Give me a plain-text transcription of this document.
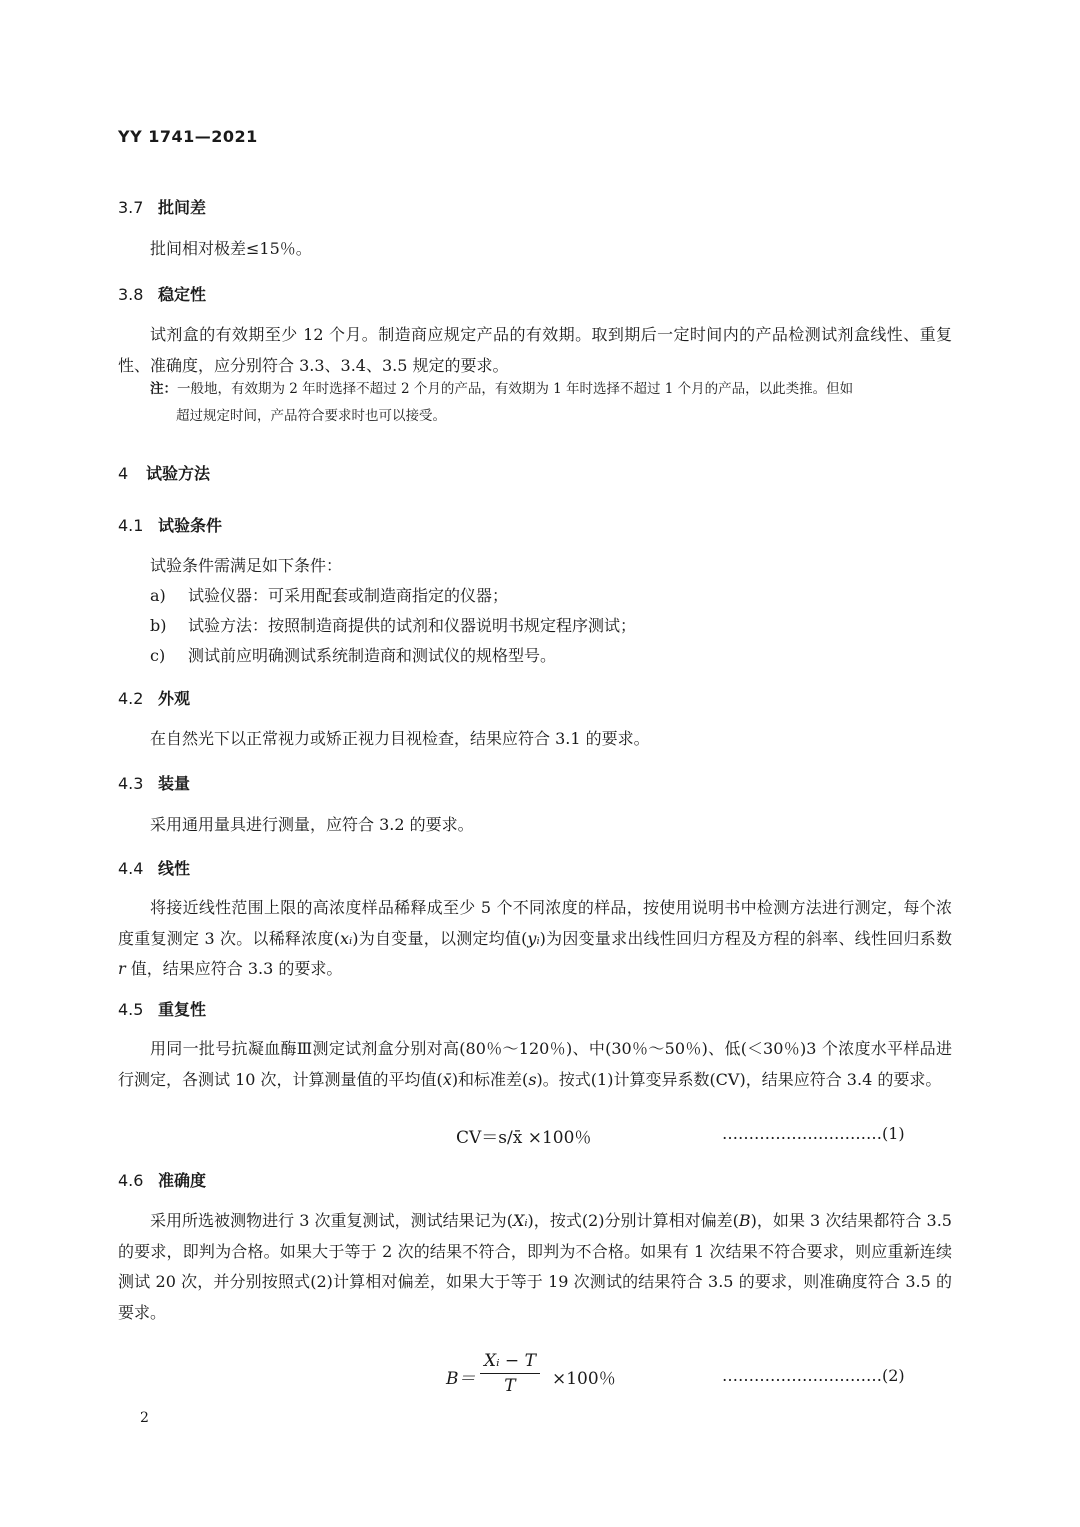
YY 1741—2021
3.7 批间差
批间相对极差≤15％。
3.8 稳定性
试剂盒的有效期至少 12 个月。制造商应规定产品的有效期。取到期后一定时间内的产品检测试剂盒线性、重复性、准确度，应分别符合 3.3、3.4、3.5 规定的要求。
注：一般地，有效期为 2 年时选择不超过 2 个月的产品，有效期为 1 年时选择不超过 1 个月的产品，以此类推。但如
超过规定时间，产品符合要求时也可以接受。
4 试验方法
4.1 试验条件
试验条件需满足如下条件：
a) 试验仪器：可采用配套或制造商指定的仪器；
b) 试验方法：按照制造商提供的试剂和仪器说明书规定程序测试；
c) 测试前应明确测试系统制造商和测试仪的规格型号。
4.2 外观
在自然光下以正常视力或矫正视力目视检查，结果应符合 3.1 的要求。
4.3 装量
采用通用量具进行测量，应符合 3.2 的要求。
4.4 线性
将接近线性范围上限的高浓度样品稀释成至少 5 个不同浓度的样品，按使用说明书中检测方法进行测定，每个浓度重复测定 3 次。以稀释浓度(xᵢ)为自变量，以测定均值(yᵢ)为因变量求出线性回归方程及方程的斜率、线性回归系数 r 值，结果应符合 3.3 的要求。
4.5 重复性
用同一批号抗凝血酶Ⅲ测定试剂盒分别对高(80％～120％)、中(30％～50％)、低(＜30％)3 个浓度水平样品进行测定，各测试 10 次，计算测量值的平均值(x̄)和标准差(s)。按式(1)计算变异系数(CV)，结果应符合 3.4 的要求。
CV＝s/x̄ ×100％	…………………………(1)
4.6 准确度
采用所选被测物进行 3 次重复测试，测试结果记为(Xᵢ)，按式(2)分别计算相对偏差(B)，如果 3 次结果都符合 3.5 的要求，即判为合格。如果大于等于 2 次的结果不符合，即判为不合格。如果有 1 次结果不符合要求，则应重新连续测试 20 次，并分别按照式(2)计算相对偏差，如果大于等于 19 次测试的结果符合 3.5 的要求，则准确度符合 3.5 的要求。
$B= \frac{\text{Xᵢ − T}}{T} \times 100$％	…………………………(2)
2
